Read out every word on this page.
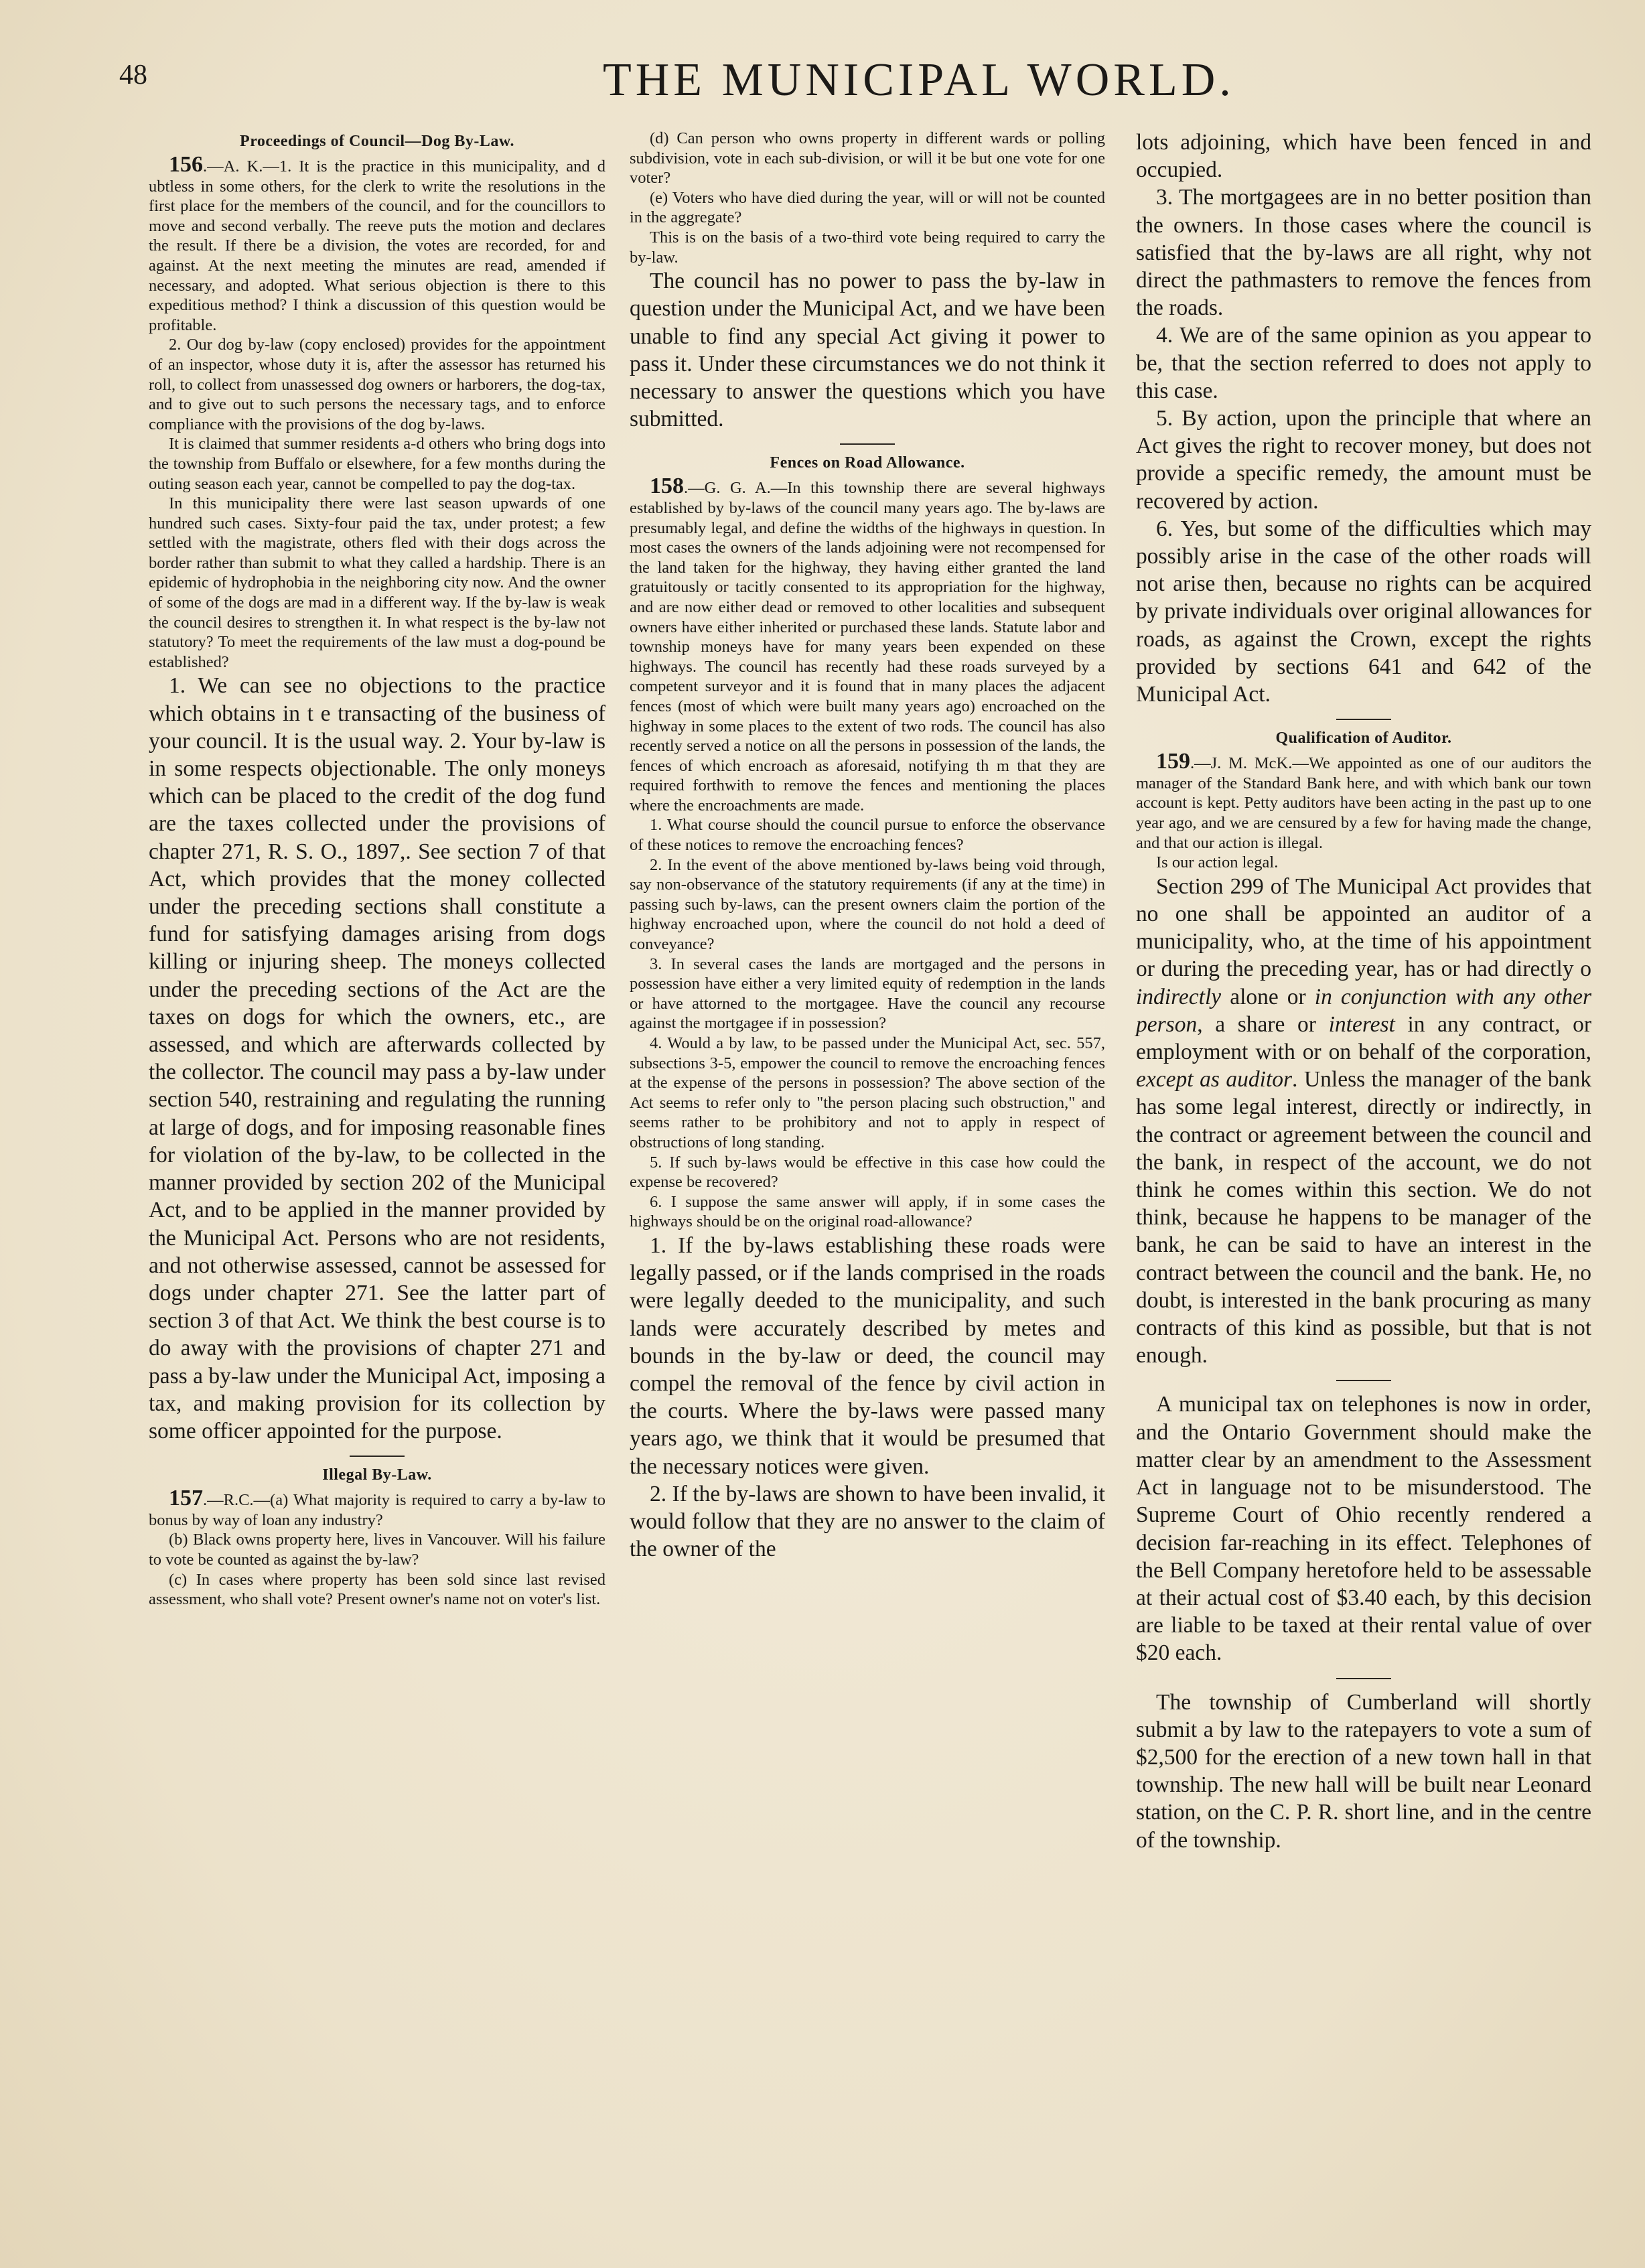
48	THE MUNICIPAL WORLD.
Proceedings of Council—Dog By-Law.

156.—A. K.—1. It is the practice in this municipality, and d ubtless in some others, for the clerk to write the resolutions in the first place for the members of the council, and for the councillors to move and second verbally. The reeve puts the motion and declares the result. If there be a division, the votes are recorded, for and against. At the next meeting the minutes are read, amended if necessary, and adopted. What serious objection is there to this expeditious method? I think a discussion of this question would be profitable.

2. Our dog by-law (copy enclosed) provides for the appointment of an inspector, whose duty it is, after the assessor has returned his roll, to collect from unassessed dog owners or harborers, the dog-tax, and to give out to such persons the necessary tags, and to enforce compliance with the provisions of the dog by-laws.

It is claimed that summer residents a-d others who bring dogs into the township from Buffalo or elsewhere, for a few months during the outing season each year, cannot be compelled to pay the dog-tax.

In this municipality there were last season upwards of one hundred such cases. Sixty-four paid the tax, under protest; a few settled with the magistrate, others fled with their dogs across the border rather than submit to what they called a hardship. There is an epidemic of hydrophobia in the neighboring city now. And the owner of some of the dogs are mad in a different way. If the by-law is weak the council desires to strengthen it. In what respect is the by-law not statutory? To meet the requirements of the law must a dog-pound be established?

1. We can see no objections to the practice which obtains in t e transacting of the business of your council. It is the usual way. 2. Your by-law is in some respects objectionable. The only moneys which can be placed to the credit of the dog fund are the taxes collected under the provisions of chapter 271, R. S. O., 1897,. See section 7 of that Act, which provides that the money collected under the preceding sections shall constitute a fund for satisfying damages arising from dogs killing or injuring sheep. The moneys collected under the preceding sections of the Act are the taxes on dogs for which the owners, etc., are assessed, and which are afterwards collected by the collector. The council may pass a by-law under section 540, restraining and regulating the running at large of dogs, and for imposing reasonable fines for violation of the by-law, to be collected in the manner provided by section 202 of the Municipal Act, and to be applied in the manner provided by the Municipal Act. Persons who are not residents, and not otherwise assessed, cannot be assessed for dogs under chapter 271. See the latter part of section 3 of that Act. We think the best course is to do away with the provisions of chapter 271 and pass a by-law under the Municipal Act, imposing a tax, and making provision for its collection by some officer appointed for the purpose.

Illegal By-Law.

157.—R.C.—(a) What majority is required to carry a by-law to bonus by way of loan any industry?

(b) Black owns property here, lives in Vancouver. Will his failure to vote be counted as against the by-law?

(c) In cases where property has been sold since last revised assessment, who shall vote? Present owner's name not on voter's list.

(d) Can person who owns property in different wards or polling subdivision, vote in each sub-division, or will it be but one vote for one voter?

(e) Voters who have died during the year, will or will not be counted in the aggregate?

This is on the basis of a two-third vote being required to carry the by-law.

The council has no power to pass the by-law in question under the Municipal Act, and we have been unable to find any special Act giving it power to pass it. Under these circumstances we do not think it necessary to answer the questions which you have submitted.

Fences on Road Allowance.

158.—G. G. A.—In this township there are several highways established by by-laws of the council many years ago. The by-laws are presumably legal, and define the widths of the highways in question. In most cases the owners of the lands adjoining were not recompensed for the land taken for the highway, they having either granted the land gratuitously or tacitly consented to its appropriation for the highway, and are now either dead or removed to other localities and subsequent owners have either inherited or purchased these lands. Statute labor and township moneys have for many years been expended on these highways. The council has recently had these roads surveyed by a competent surveyor and it is found that in many places the adjacent fences (most of which were built many years ago) encroached on the highway in some places to the extent of two rods. The council has also recently served a notice on all the persons in possession of the lands, the fences of which encroach as aforesaid, notifying th m that they are required forthwith to remove the fences and mentioning the places where the encroachments are made.

1. What course should the council pursue to enforce the observance of these notices to remove the encroaching fences?

2. In the event of the above mentioned by-laws being void through, say non-observance of the statutory requirements (if any at the time) in passing such by-laws, can the present owners claim the portion of the highway encroached upon, where the council do not hold a deed of conveyance?

3. In several cases the lands are mortgaged and the persons in possession have either a very limited equity of redemption in the lands or have attorned to the mortgagee. Have the council any recourse against the mortgagee if in possession?

4. Would a by law, to be passed under the Municipal Act, sec. 557, subsections 3-5, empower the council to remove the encroaching fences at the expense of the persons in possession? The above section of the Act seems to refer only to "the person placing such obstruction," and seems rather to be prohibitory and not to apply in respect of obstructions of long standing.

5. If such by-laws would be effective in this case how could the expense be recovered?

6. I suppose the same answer will apply, if in some cases the highways should be on the original road-allowance?

1. If the by-laws establishing these roads were legally passed, or if the lands comprised in the roads were legally deeded to the municipality, and such lands were accurately described by metes and bounds in the by-law or deed, the council may compel the removal of the fence by civil action in the courts. Where the by-laws were passed many years ago, we think that it would be presumed that the necessary notices were given.

2. If the by-laws are shown to have been invalid, it would follow that they are no answer to the claim of the owner of the

lots adjoining, which have been fenced in and occupied.

3. The mortgagees are in no better position than the owners. In those cases where the council is satisfied that the by-laws are all right, why not direct the pathmasters to remove the fences from the roads.

4. We are of the same opinion as you appear to be, that the section referred to does not apply to this case.

5. By action, upon the principle that where an Act gives the right to recover money, but does not provide a specific remedy, the amount must be recovered by action.

6. Yes, but some of the difficulties which may possibly arise in the case of the other roads will not arise then, because no rights can be acquired by private individuals over original allowances for roads, as against the Crown, except the rights provided by sections 641 and 642 of the Municipal Act.

Qualification of Auditor.

159.—J. M. McK.—We appointed as one of our auditors the manager of the Standard Bank here, and with which bank our town account is kept. Petty auditors have been acting in the past up to one year ago, and we are censured by a few for having made the change, and that our action is illegal.

Is our action legal.

Section 299 of The Municipal Act provides that no one shall be appointed an auditor of a municipality, who, at the time of his appointment or during the preceding year, has or had directly o indirectly alone or in conjunction with any other person, a share or interest in any contract, or employment with or on behalf of the corporation, except as auditor. Unless the manager of the bank has some legal interest, directly or indirectly, in the contract or agreement between the council and the bank, in respect of the account, we do not think he comes within this section. We do not think, because he happens to be manager of the bank, he can be said to have an interest in the contract between the council and the bank. He, no doubt, is interested in the bank procuring as many contracts of this kind as possible, but that is not enough.

A municipal tax on telephones is now in order, and the Ontario Government should make the matter clear by an amendment to the Assessment Act in language not to be misunderstood. The Supreme Court of Ohio recently rendered a decision far-reaching in its effect. Telephones of the Bell Company heretofore held to be assessable at their actual cost of $3.40 each, by this decision are liable to be taxed at their rental value of over $20 each.

The township of Cumberland will shortly submit a by law to the ratepayers to vote a sum of $2,500 for the erection of a new town hall in that township. The new hall will be built near Leonard station, on the C. P. R. short line, and in the centre of the township.
